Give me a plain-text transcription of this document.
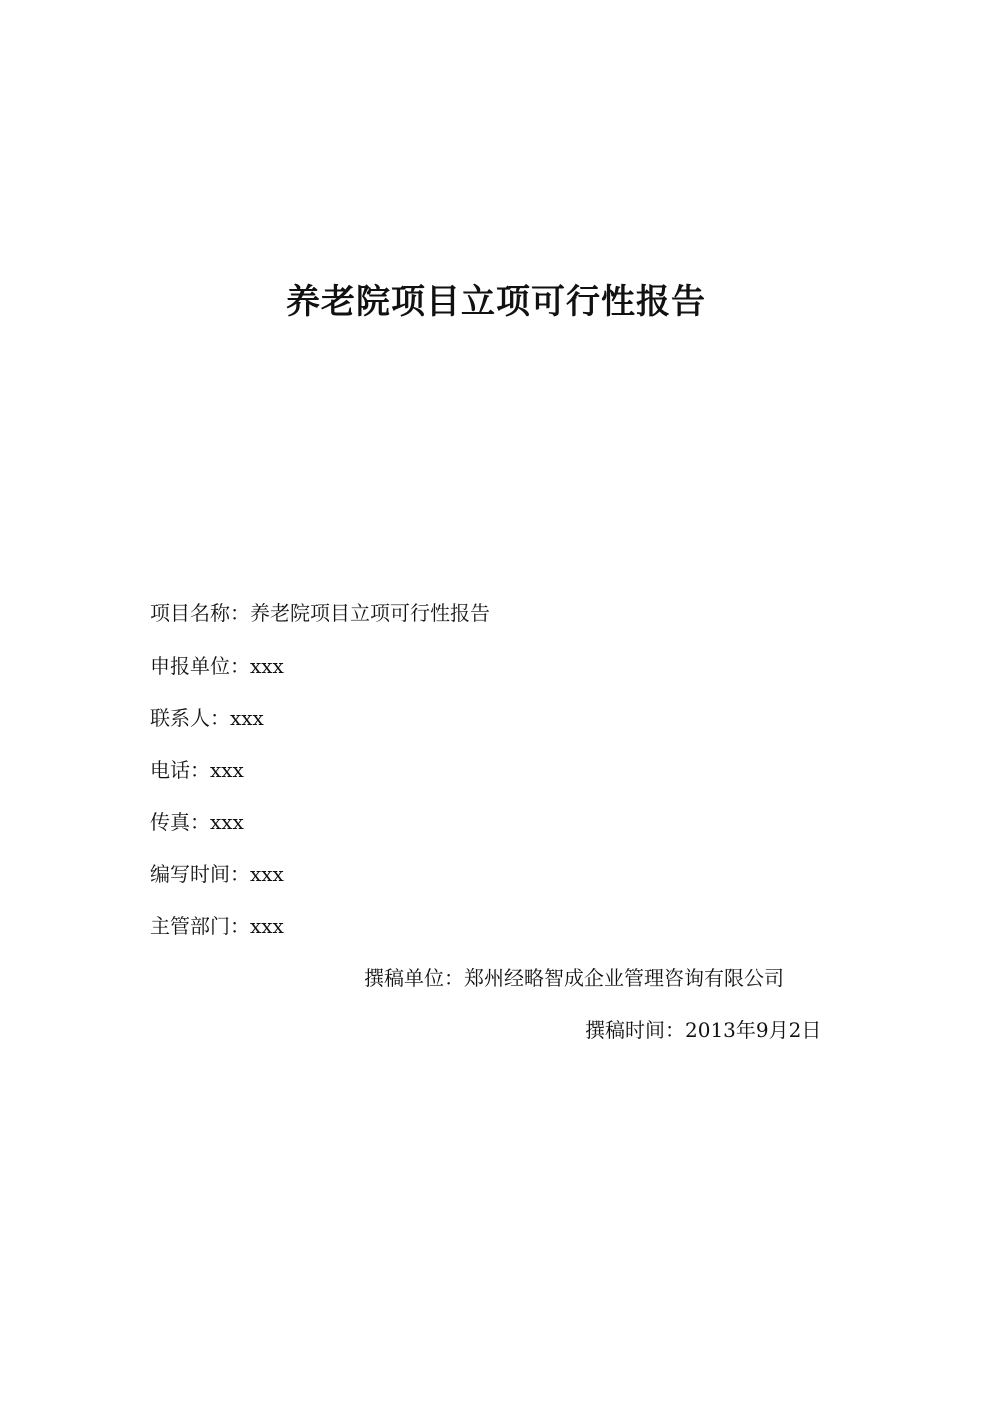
养老院项目立项可行性报告
项目名称：养老院项目立项可行性报告
申报单位：xxx
联系人：xxx
电话：xxx
传真：xxx
编写时间：xxx
主管部门：xxx
撰稿单位：郑州经略智成企业管理咨询有限公司
撰稿时间：2013年9月2日
